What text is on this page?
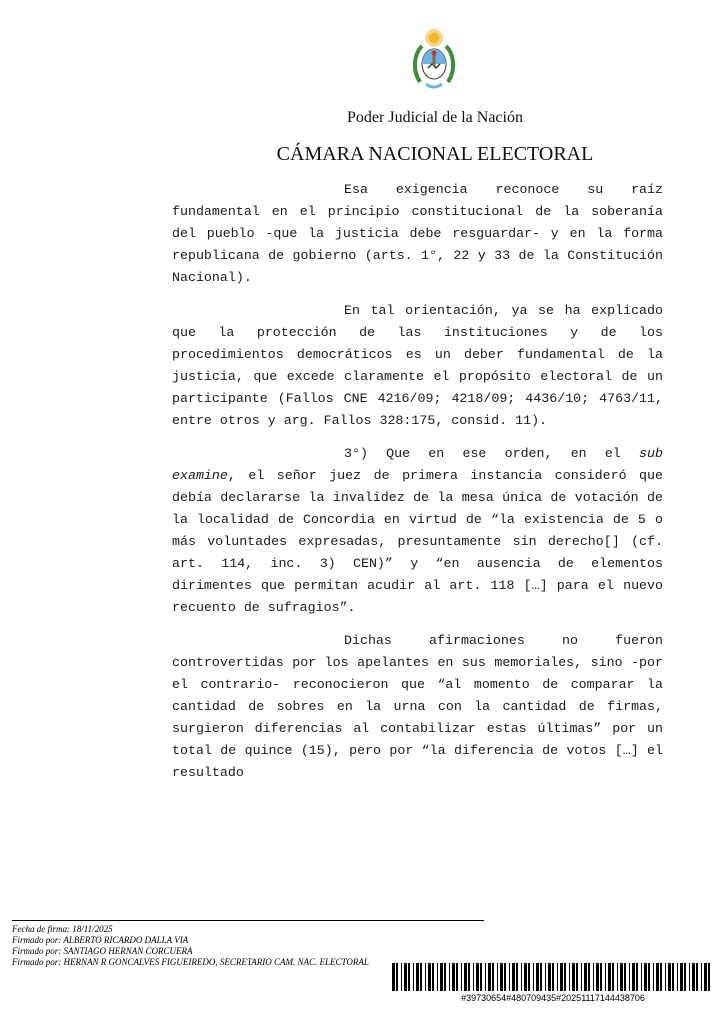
Poder Judicial de la Nación
CÁMARA NACIONAL ELECTORAL

Esa exigencia reconoce su raíz fundamental en el principio constitucional de la soberanía del pueblo -que la justicia debe resguardar- y en la forma republicana de gobierno (arts. 1°, 22 y 33 de la Constitución Nacional).

En tal orientación, ya se ha explicado que la protección de las instituciones y de los procedimientos democráticos es un deber fundamental de la justicia, que excede claramente el propósito electoral de un participante (Fallos CNE 4216/09; 4218/09; 4436/10; 4763/11, entre otros y arg. Fallos 328:175, consid. 11).

3°) Que en ese orden, en el sub examine, el señor juez de primera instancia consideró que debía declararse la invalidez de la mesa única de votación de la localidad de Concordia en virtud de “la existencia de 5 o más voluntades expresadas, presuntamente sin derecho[] (cf. art. 114, inc. 3) CEN)” y “en ausencia de elementos dirimentes que permitan acudir al art. 118 […] para el nuevo recuento de sufragios”.

Dichas afirmaciones no fueron controvertidas por los apelantes en sus memoriales, sino -por el contrario- reconocieron que “al momento de comparar la cantidad de sobres en la urna con la cantidad de firmas, surgieron diferencias al contabilizar estas últimas” por un total de quince (15), pero por “la diferencia de votos […] el resultado

Fecha de firma: 18/11/2025
Firmado por: ALBERTO RICARDO DALLA VIA
Firmado por: SANTIAGO HERNAN CORCUERA
Firmado por: HERNAN R GONCALVES FIGUEIREDO, SECRETARIO CAM. NAC. ELECTORAL
#39730654#480709435#20251117144438706
